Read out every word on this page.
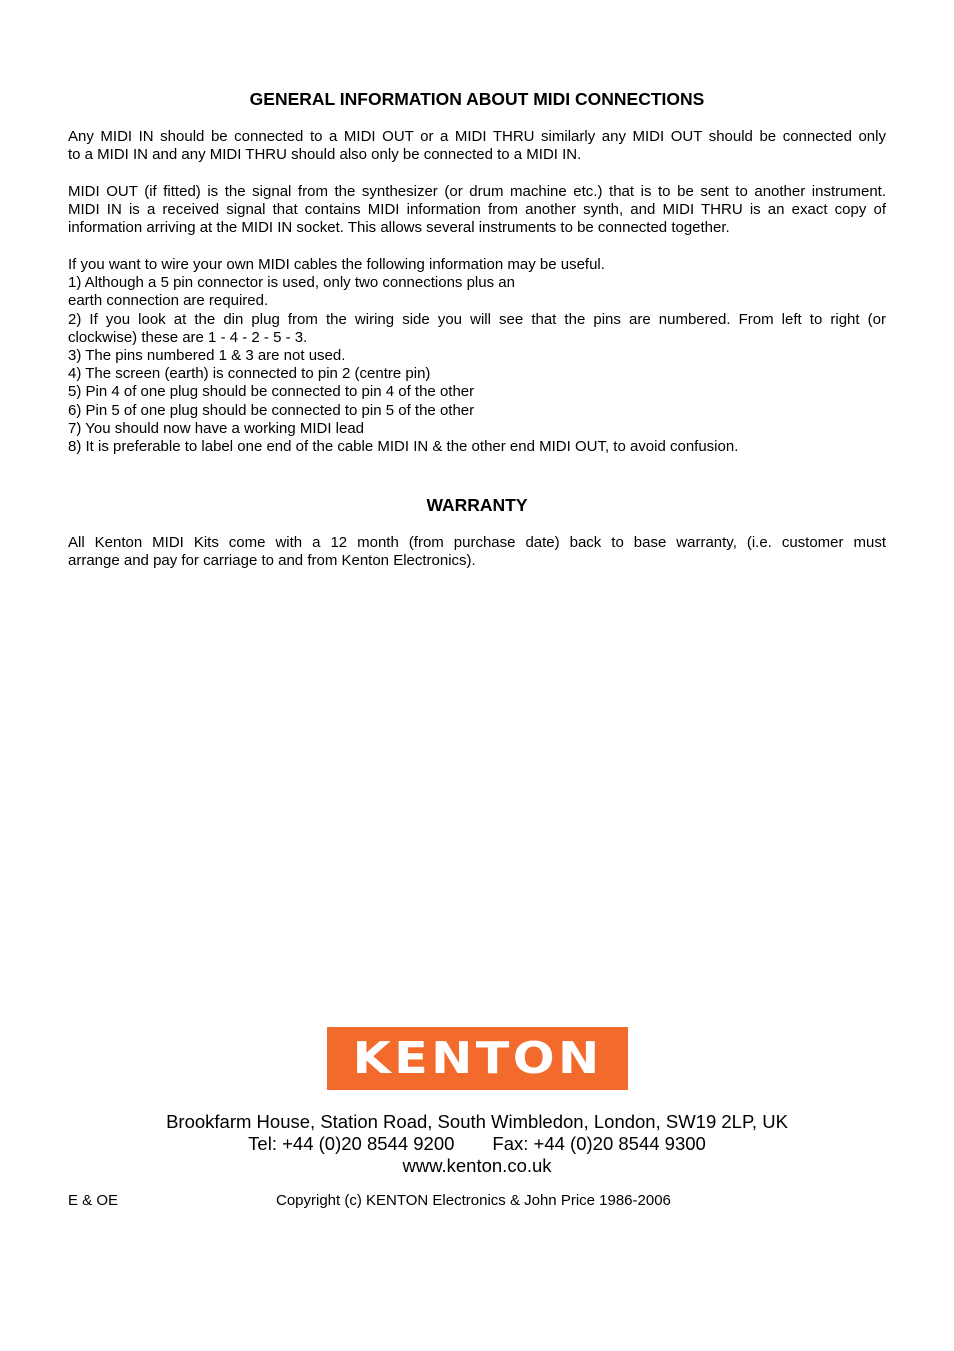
GENERAL INFORMATION ABOUT MIDI CONNECTIONS
Any MIDI IN should be connected to a MIDI OUT or a MIDI THRU similarly any MIDI OUT should be connected only
to a MIDI IN and any MIDI THRU should also only be connected to a MIDI IN.
MIDI OUT (if fitted) is the signal from the synthesizer (or drum machine etc.) that is to be sent to another instrument.
MIDI IN is a received signal that contains MIDI information from another synth, and MIDI THRU is an exact copy of
information arriving at the MIDI IN socket. This allows several instruments to be connected together.
If you want to wire your own MIDI cables the following information may be useful.
1) Although a 5 pin connector is used, only two connections plus an
earth connection are required.
2) If you look at the din plug from the wiring side you will see that the pins are numbered. From left to right (or
clockwise) these are 1 - 4 - 2 - 5 - 3.
3) The pins numbered 1 & 3 are not used.
4) The screen (earth) is connected to pin 2 (centre pin)
5) Pin 4 of one plug should be connected to pin 4 of the other
6) Pin 5 of one plug should be connected to pin 5 of the other
7) You should now have a working MIDI lead
8) It is preferable to label one end of the cable MIDI IN & the other end MIDI OUT, to avoid confusion.
WARRANTY
All Kenton MIDI Kits come with a 12 month (from purchase date) back to base warranty, (i.e. customer must
arrange and pay for carriage to and from Kenton Electronics).
KENTON
Brookfarm House, Station Road, South Wimbledon, London, SW19 2LP, UK
Tel: +44 (0)20 8544 9200 Fax: +44 (0)20 8544 9300
www.kenton.co.uk
E & OE	Copyright (c) KENTON Electronics & John Price 1986-2006
